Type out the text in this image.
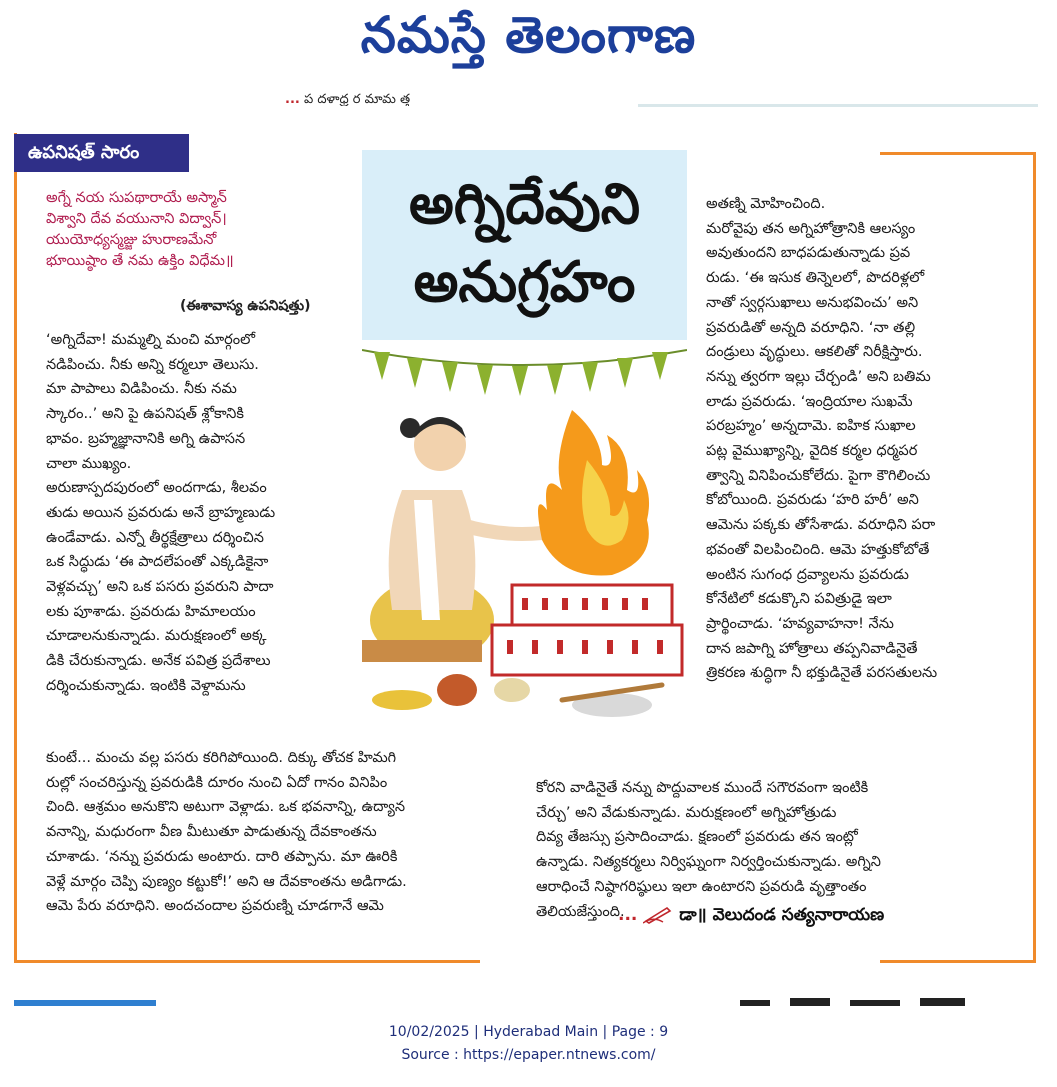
నమస్తే తెలంగాణ
... ప దళాధ్ర ర మామ త్త
ఉపనిషత్ సారం
అగ్నే నయ సుపథారాయే అస్మాన్
విశ్వాని దేవ వయునాని విద్వాన్।
యుయోధ్యస్మజ్జు హురాణమేనో
భూయిష్ఠాం తే నమ ఉక్తిం విధేమ॥
(ఈశావాస్య ఉపనిషత్తు)
‘అగ్నిదేవా! మమ్మల్ని మంచి మార్గంలో
నడిపించు. నీకు అన్ని కర్మలూ తెలుసు.
మా పాపాలు విడిపించు. నీకు నమ
స్కారం..’ అని పై ఉపనిషత్ శ్లోకానికి
భావం. బ్రహ్మజ్ఞానానికి అగ్ని ఉపాసన
చాలా ముఖ్యం.
అరుణాస్పదపురంలో అందగాడు, శీలవం
తుడు అయిన ప్రవరుడు అనే బ్రాహ్మణుడు
ఉండేవాడు. ఎన్నో తీర్థక్షేత్రాలు దర్శించిన
ఒక సిద్ధుడు ‘ఈ పాదలేపంతో ఎక్కడికైనా
వెళ్లవచ్చు’ అని ఒక పసరు ప్రవరుని పాదా
లకు పూశాడు. ప్రవరుడు హిమాలయం
చూడాలనుకున్నాడు. మరుక్షణంలో అక్క
డికి చేరుకున్నాడు. అనేక పవిత్ర ప్రదేశాలు
దర్శించుకున్నాడు. ఇంటికి వెళ్దామను
కుంటే... మంచు వల్ల పసరు కరిగిపోయింది. దిక్కు తోచక హిమగి
రుల్లో సంచరిస్తున్న ప్రవరుడికి దూరం నుంచి ఏదో గానం వినిపిం
చింది. ఆశ్రమం అనుకొని అటుగా వెళ్లాడు. ఒక భవనాన్ని, ఉద్యాన
వనాన్ని, మధురంగా వీణ మీటుతూ పాడుతున్న దేవకాంతను
చూశాడు. ‘నన్ను ప్రవరుడు అంటారు. దారి తప్పాను. మా ఊరికి
వెళ్లే మార్గం చెప్పి పుణ్యం కట్టుకో!’ అని ఆ దేవకాంతను అడిగాడు.
ఆమె పేరు వరూధిని. అందచందాల ప్రవరుణ్ని చూడగానే ఆమె
అగ్నిదేవుని
అనుగ్రహం
అతణ్ని మోహించింది.
మరోవైపు తన అగ్నిహోత్రానికి ఆలస్యం
అవుతుందని బాధపడుతున్నాడు ప్రవ
రుడు. ‘ఈ ఇసుక తిన్నెలలో, పొదరిళ్లలో
నాతో స్వర్గసుఖాలు అనుభవించు’ అని
ప్రవరుడితో అన్నది వరూధిని. ‘నా తల్లి
దండ్రులు వృద్ధులు. ఆకలితో నిరీక్షిస్తారు.
నన్ను త్వరగా ఇల్లు చేర్చండి’ అని బతిమ
లాడు ప్రవరుడు. ‘ఇంద్రియాల సుఖమే
పరబ్రహ్మం’ అన్నదామె. ఐహిక సుఖాల
పట్ల వైముఖ్యాన్ని, వైదిక కర్మల ధర్మపర
త్వాన్ని వినిపించుకోలేదు. పైగా కౌగిలించు
కోబోయింది. ప్రవరుడు ‘హరి హరీ’ అని
ఆమెను పక్కకు తోసేశాడు. వరూధిని పరా
భవంతో విలపించింది. ఆమె హత్తుకోబోతే
అంటిన సుగంధ ద్రవ్యాలను ప్రవరుడు
కోనేటిలో కడుక్కొని పవిత్రుడై ఇలా
ప్రార్థించాడు. ‘హవ్యవాహనా! నేను
దాన జపాగ్ని హోత్రాలు తప్పనివాడినైతే
త్రికరణ శుద్ధిగా నీ భక్తుడినైతే పరసతులను
కోరని వాడినైతే నన్ను పొద్దువాలక ముందే సగౌరవంగా ఇంటికి
చేర్చు’ అని వేడుకున్నాడు. మరుక్షణంలో అగ్నిహోత్రుడు
దివ్య తేజస్సు ప్రసాదించాడు. క్షణంలో ప్రవరుడు తన ఇంట్లో
ఉన్నాడు. నిత్యకర్మలు నిర్విఘ్నంగా నిర్వర్తించుకున్నాడు. అగ్నిని
ఆరాధించే నిష్ఠాగరిష్ఠులు ఇలా ఉంటారని ప్రవరుడి వృత్తాంతం
తెలియజేస్తుంది.
... డా॥ వెలుదండ సత్యనారాయణ
10/02/2025 | Hyderabad Main | Page : 9
Source : https://epaper.ntnews.com/
